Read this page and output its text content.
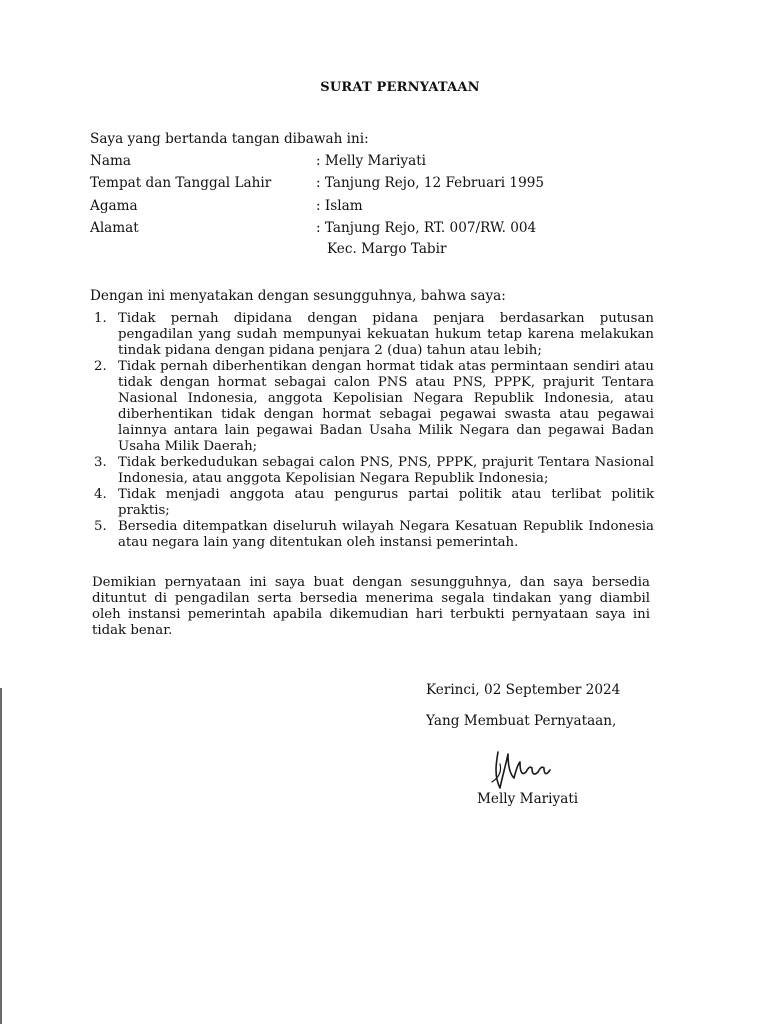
SURAT PERNYATAAN
Saya yang bertanda tangan dibawah ini:
Nama	: Melly Mariyati
Tempat dan Tanggal Lahir	: Tanjung Rejo, 12 Februari 1995
Agama	: Islam
Alamat	: Tanjung Rejo, RT. 007/RW. 004
Kec. Margo Tabir
Dengan ini menyatakan dengan sesungguhnya, bahwa saya:
1. Tidak pernah dipidana dengan pidana penjara berdasarkan putusan pengadilan yang sudah mempunyai kekuatan hukum tetap karena melakukan tindak pidana dengan pidana penjara 2 (dua) tahun atau lebih;
2. Tidak pernah diberhentikan dengan hormat tidak atas permintaan sendiri atau tidak dengan hormat sebagai calon PNS atau PNS, PPPK, prajurit Tentara Nasional Indonesia, anggota Kepolisian Negara Republik Indonesia, atau diberhentikan tidak dengan hormat sebagai pegawai swasta atau pegawai lainnya antara lain pegawai Badan Usaha Milik Negara dan pegawai Badan Usaha Milik Daerah;
3. Tidak berkedudukan sebagai calon PNS, PNS, PPPK, prajurit Tentara Nasional Indonesia, atau anggota Kepolisian Negara Republik Indonesia;
4. Tidak menjadi anggota atau pengurus partai politik atau terlibat politik praktis;
5. Bersedia ditempatkan diseluruh wilayah Negara Kesatuan Republik Indonesia atau negara lain yang ditentukan oleh instansi pemerintah.

Demikian pernyataan ini saya buat dengan sesungguhnya, dan saya bersedia dituntut di pengadilan serta bersedia menerima segala tindakan yang diambil oleh instansi pemerintah apabila dikemudian hari terbukti pernyataan saya ini tidak benar.

Kerinci, 02 September 2024
Yang Membuat Pernyataan,
Melly Mariyati
